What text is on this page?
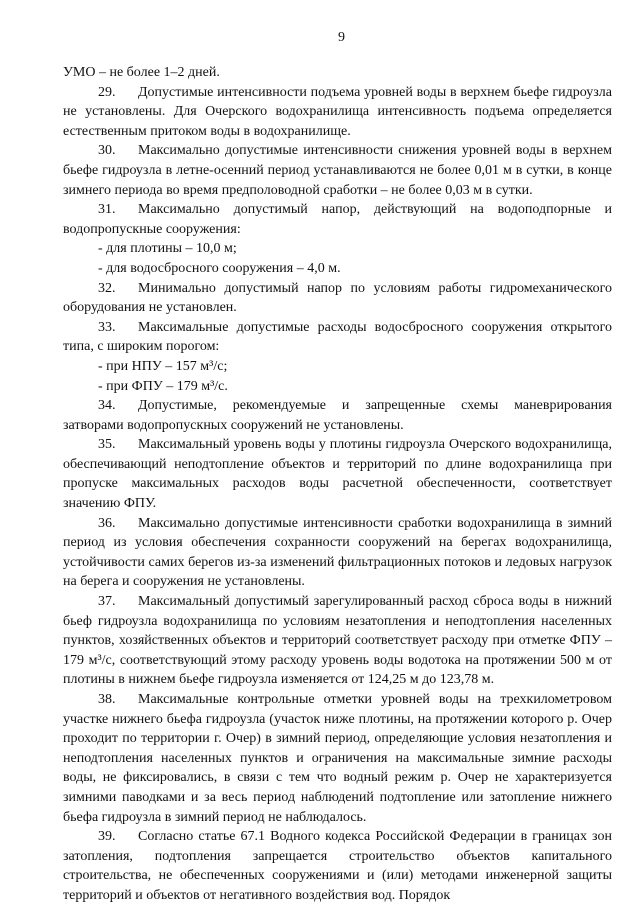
9

УМО – не более 1–2 дней.

29. Допустимые интенсивности подъема уровней воды в верхнем бьефе гидроузла не установлены. Для Очерского водохранилища интенсивность подъема определяется естественным притоком воды в водохранилище.

30. Максимально допустимые интенсивности снижения уровней воды в верхнем бьефе гидроузла в летне-осенний период устанавливаются не более 0,01 м в сутки, в конце зимнего периода во время предполоводной сработки – не более 0,03 м в сутки.

31. Максимально допустимый напор, действующий на водоподпорные и водопропускные сооружения:

- для плотины – 10,0 м;

- для водосбросного сооружения – 4,0 м.

32. Минимально допустимый напор по условиям работы гидромеханического оборудования не установлен.

33. Максимальные допустимые расходы водосбросного сооружения открытого типа, с широким порогом:

- при НПУ – 157 м³/с;

- при ФПУ – 179 м³/с.

34. Допустимые, рекомендуемые и запрещенные схемы маневрирования затворами водопропускных сооружений не установлены.

35. Максимальный уровень воды у плотины гидроузла Очерского водохранилища, обеспечивающий неподтопление объектов и территорий по длине водохранилища при пропуске максимальных расходов воды расчетной обеспеченности, соответствует значению ФПУ.

36. Максимально допустимые интенсивности сработки водохранилища в зимний период из условия обеспечения сохранности сооружений на берегах водохранилища, устойчивости самих берегов из-за изменений фильтрационных потоков и ледовых нагрузок на берега и сооружения не установлены.

37. Максимальный допустимый зарегулированный расход сброса воды в нижний бьеф гидроузла водохранилища по условиям незатопления и неподтопления населенных пунктов, хозяйственных объектов и территорий соответствует расходу при отметке ФПУ – 179 м³/с, соответствующий этому расходу уровень воды водотока на протяжении 500 м от плотины в нижнем бьефе гидроузла изменяется от 124,25 м до 123,78 м.

38. Максимальные контрольные отметки уровней воды на трехкилометровом участке нижнего бьефа гидроузла (участок ниже плотины, на протяжении которого р. Очер проходит по территории г. Очер) в зимний период, определяющие условия незатопления и неподтопления населенных пунктов и ограничения на максимальные зимние расходы воды, не фиксировались, в связи с тем что водный режим р. Очер не характеризуется зимними паводками и за весь период наблюдений подтопление или затопление нижнего бьефа гидроузла в зимний период не наблюдалось.

39. Согласно статье 67.1 Водного кодекса Российской Федерации в границах зон затопления, подтопления запрещается строительство объектов капитального строительства, не обеспеченных сооружениями и (или) методами инженерной защиты территорий и объектов от негативного воздействия вод. Порядок
